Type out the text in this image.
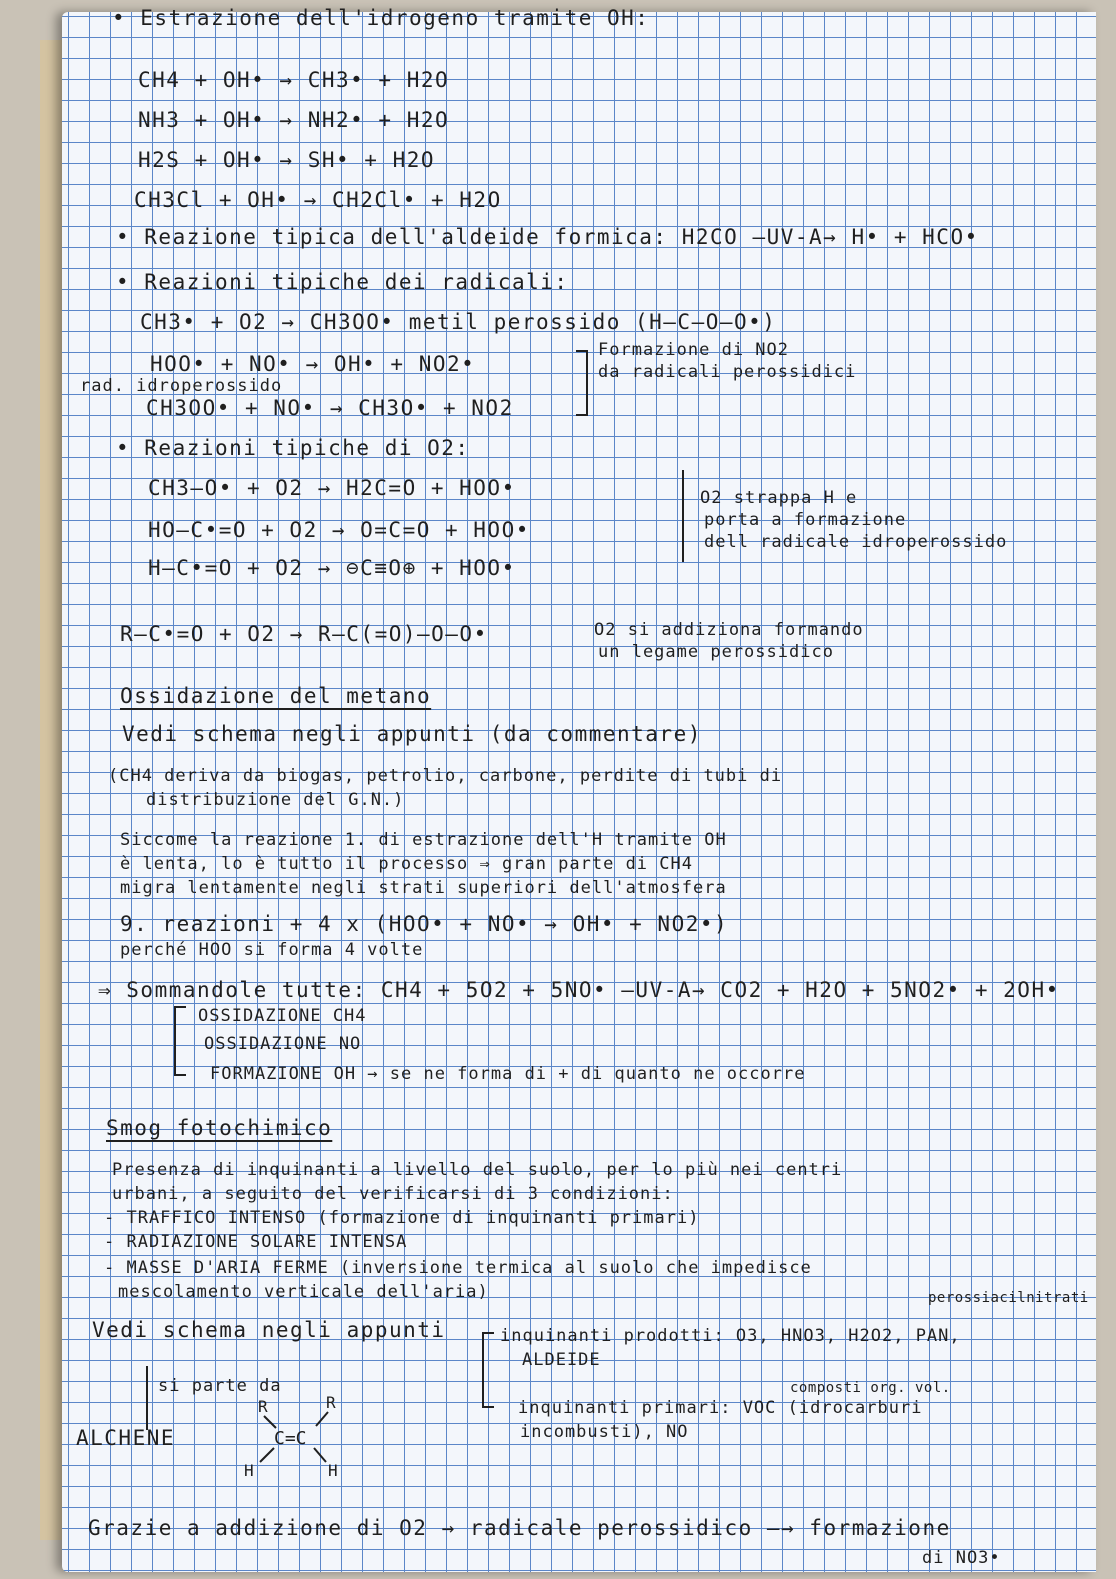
• Estrazione dell'idrogeno tramite OH:
CH4 + OH• → CH3• + H2O
NH3 + OH• → NH2• + H2O
H2S + OH• → SH• + H2O
CH3Cl + OH• → CH2Cl• + H2O
• Reazione tipica dell'aldeide formica: H2CO —UV-A→ H• + HCO•
• Reazioni tipiche dei radicali:
CH3• + O2 → CH3OO• metil perossido (H–C–O–O•)
HOO• + NO• → OH• + NO2•
rad. idroperossido
CH3OO• + NO• → CH3O• + NO2
Formazione di NO2
da radicali perossidici
• Reazioni tipiche di O2:
CH3–O• + O2 → H2C=O + HOO•
HO–C•=O + O2 → O=C=O + HOO•
H–C•=O + O2 → ⊖C≡O⊕ + HOO•
O2 strappa H e
porta a formazione
dell radicale idroperossido
R–C•=O + O2 → R–C(=O)–O–O•	O2 si addiziona formando
un legame perossidico
Ossidazione del metano
Vedi schema negli appunti (da commentare)
(CH4 deriva da biogas, petrolio, carbone, perdite di tubi di
distribuzione del G.N.)
Siccome la reazione 1. di estrazione dell'H tramite OH
è lenta, lo è tutto il processo ⇒ gran parte di CH4
migra lentamente negli strati superiori dell'atmosfera
9. reazioni + 4 x (HOO• + NO• → OH• + NO2•)
perché HOO si forma 4 volte
⇒ Sommandole tutte: CH4 + 5O2 + 5NO• —UV-A→ CO2 + H2O + 5NO2• + 2OH•
OSSIDAZIONE CH4
OSSIDAZIONE NO
FORMAZIONE OH → se ne forma di + di quanto ne occorre
Smog fotochimico
Presenza di inquinanti a livello del suolo, per lo più nei centri
urbani, a seguito del verificarsi di 3 condizioni:
- TRAFFICO INTENSO (formazione di inquinanti primari)
- RADIAZIONE SOLARE INTENSA
- MASSE D'ARIA FERME (inversione termica al suolo che impedisce
mescolamento verticale dell'aria)	perossiacilnitrati
Vedi schema negli appunti	inquinanti prodotti: O3, HNO3, H2O2, PAN,
ALDEIDE
composti org. vol.
si parte da
inquinanti primari: VOC (idrocarburi
incombusti), NO
ALCHENE
R	R
C=C
H	H
Grazie a addizione di O2 → radicale perossidico —→ formazione
di NO3•
